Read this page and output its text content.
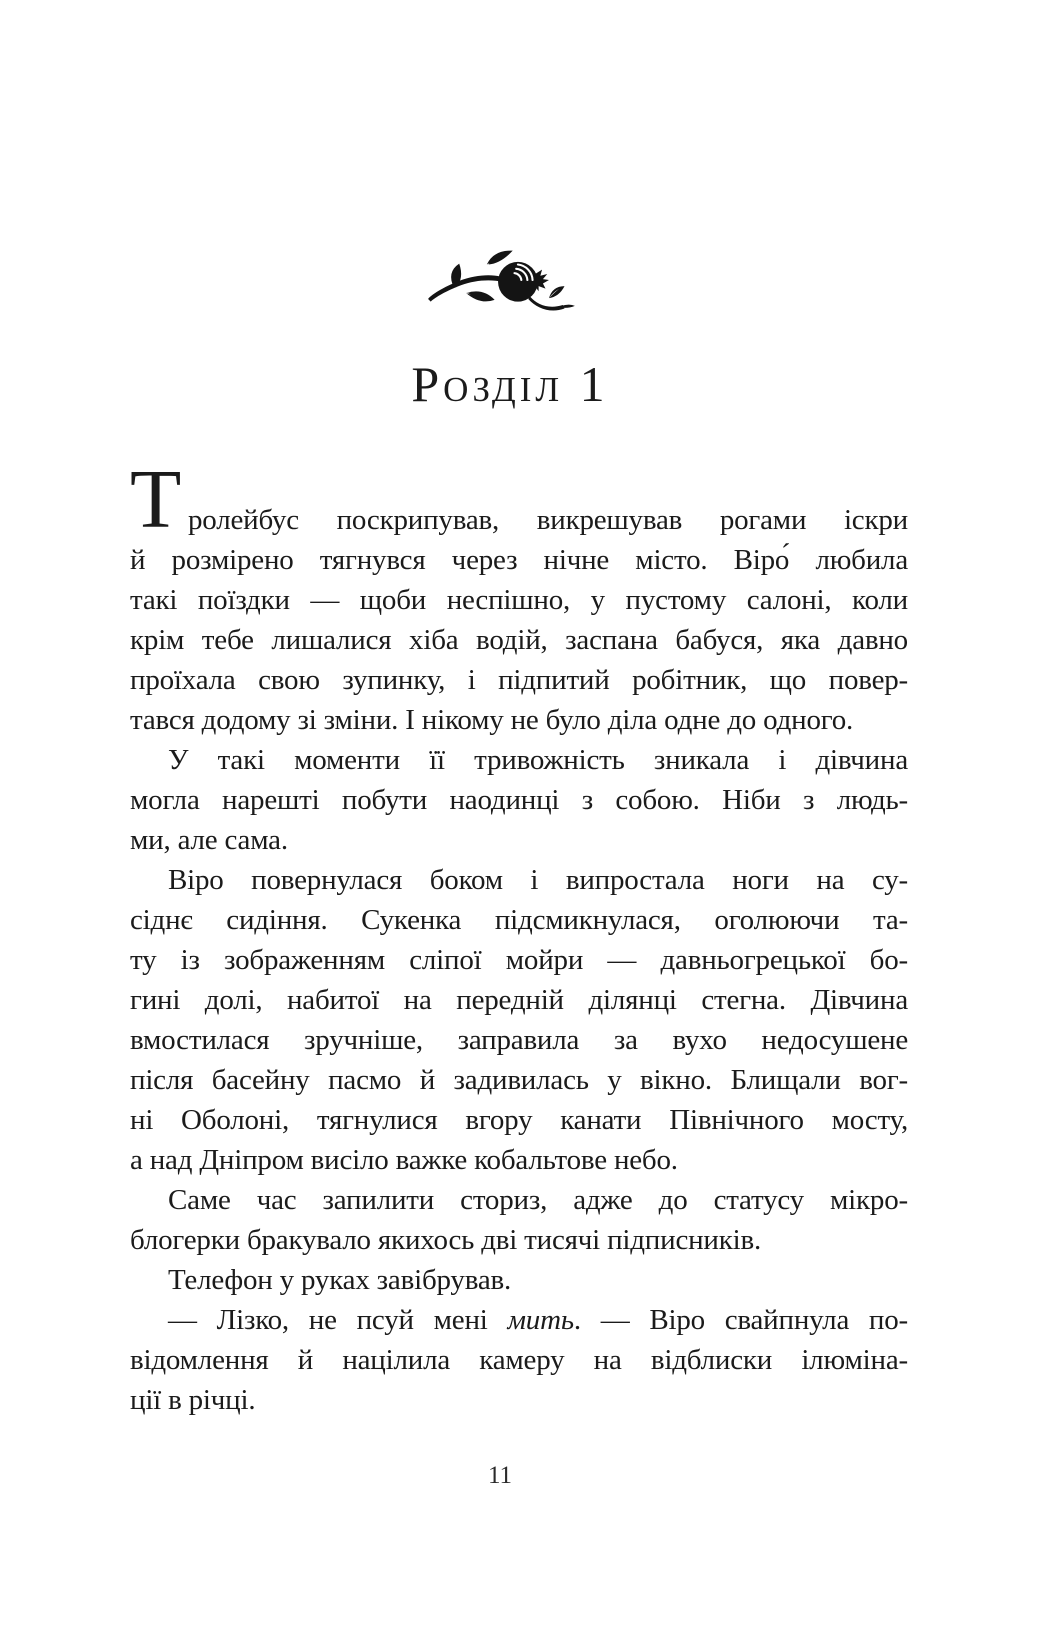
Розділ 1
Т ролейбус поскрипував, викрешував рогами іскри
й розмірено тягнувся через нічне місто. Віро́ любила
такі поїздки — щоби неспішно, у пустому салоні, коли
крім тебе лишалися хіба водій, заспана бабуся, яка давно
проїхала свою зупинку, і підпитий робітник, що повер-
тався додому зі зміни. І нікому не було діла одне до одного.
У такі моменти її тривожність зникала і дівчина
могла нарешті побути наодинці з собою. Ніби з людь-
ми, але сама.
Віро повернулася боком і випростала ноги на су-
сіднє сидіння. Сукенка підсмикнулася, оголюючи та-
ту із зображенням сліпої мойри — давньогрецької бо-
гині долі, набитої на передній ділянці стегна. Дівчина
вмостилася зручніше, заправила за вухо недосушене
після басейну пасмо й задивилась у вікно. Блищали вог-
ні Оболоні, тягнулися вгору канати Північного мосту,
а над Дніпром висіло важке кобальтове небо.
Саме час запилити сториз, адже до статусу мікро-
блогерки бракувало якихось дві тисячі підписників.
Телефон у руках завібрував.
— Лізко, не псуй мені мить. — Віро свайпнула по-
відомлення й націлила камеру на відблиски ілюміна-
ції в річці.
11
